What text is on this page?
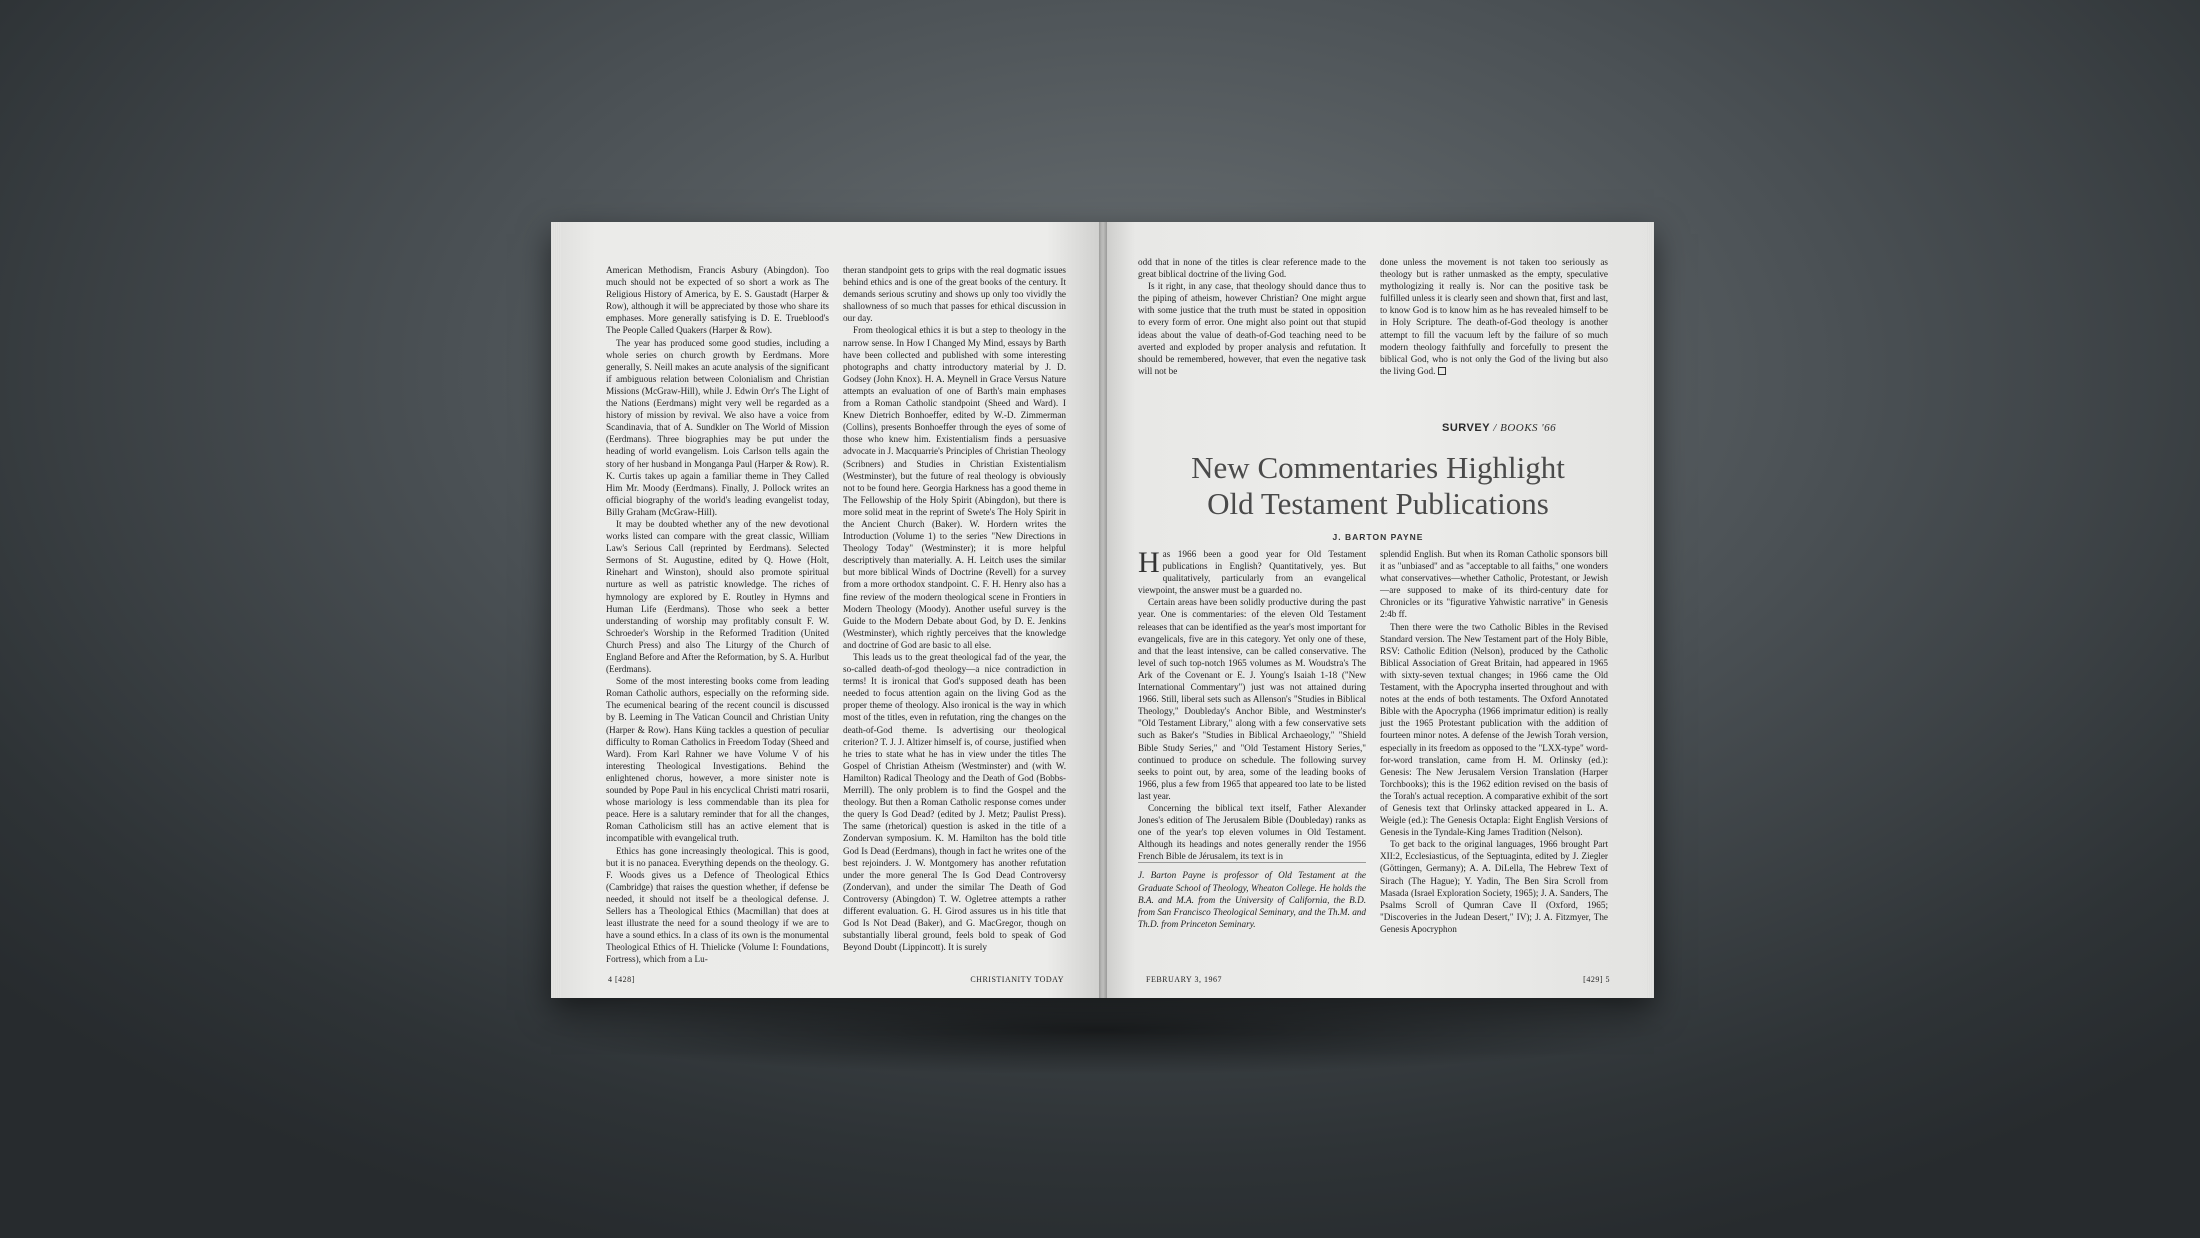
American Methodism, Francis Asbury (Abingdon). Too much should not be expected of so short a work as The Religious History of America, by E. S. Gaustadt (Harper & Row), although it will be appreciated by those who share its emphases. More generally satisfying is D. E. Trueblood's The People Called Quakers (Harper & Row).

The year has produced some good studies, including a whole series on church growth by Eerdmans. More generally, S. Neill makes an acute analysis of the significant if ambiguous relation between Colonialism and Christian Missions (McGraw-Hill), while J. Edwin Orr's The Light of the Nations (Eerdmans) might very well be regarded as a history of mission by revival. We also have a voice from Scandinavia, that of A. Sundkler on The World of Mission (Eerdmans). Three biographies may be put under the heading of world evangelism. Lois Carlson tells again the story of her husband in Monganga Paul (Harper & Row). R. K. Curtis takes up again a familiar theme in They Called Him Mr. Moody (Eerdmans). Finally, J. Pollock writes an official biography of the world's leading evangelist today, Billy Graham (McGraw-Hill).

It may be doubted whether any of the new devotional works listed can compare with the great classic, William Law's Serious Call (reprinted by Eerdmans). Selected Sermons of St. Augustine, edited by Q. Howe (Holt, Rinehart and Winston), should also promote spiritual nurture as well as patristic knowledge. The riches of hymnology are explored by E. Routley in Hymns and Human Life (Eerdmans). Those who seek a better understanding of worship may profitably consult F. W. Schroeder's Worship in the Reformed Tradition (United Church Press) and also The Liturgy of the Church of England Before and After the Reformation, by S. A. Hurlbut (Eerdmans).

Some of the most interesting books come from leading Roman Catholic authors, especially on the reforming side. The ecumenical bearing of the recent council is discussed by B. Leeming in The Vatican Council and Christian Unity (Harper & Row). Hans Küng tackles a question of peculiar difficulty to Roman Catholics in Freedom Today (Sheed and Ward). From Karl Rahner we have Volume V of his interesting Theological Investigations. Behind the enlightened chorus, however, a more sinister note is sounded by Pope Paul in his encyclical Christi matri rosarii, whose mariology is less commendable than its plea for peace. Here is a salutary reminder that for all the changes, Roman Catholicism still has an active element that is incompatible with evangelical truth.

Ethics has gone increasingly theological. This is good, but it is no panacea. Everything depends on the theology. G. F. Woods gives us a Defence of Theological Ethics (Cambridge) that raises the question whether, if defense be needed, it should not itself be a theological defense. J. Sellers has a Theological Ethics (Macmillan) that does at least illustrate the need for a sound theology if we are to have a sound ethics. In a class of its own is the monumental Theological Ethics of H. Thielicke (Volume I: Foundations, Fortress), which from a Lu-

theran standpoint gets to grips with the real dogmatic issues behind ethics and is one of the great books of the century. It demands serious scrutiny and shows up only too vividly the shallowness of so much that passes for ethical discussion in our day.

From theological ethics it is but a step to theology in the narrow sense. In How I Changed My Mind, essays by Barth have been collected and published with some interesting photographs and chatty introductory material by J. D. Godsey (John Knox). H. A. Meynell in Grace Versus Nature attempts an evaluation of one of Barth's main emphases from a Roman Catholic standpoint (Sheed and Ward). I Knew Dietrich Bonhoeffer, edited by W.-D. Zimmerman (Collins), presents Bonhoeffer through the eyes of some of those who knew him. Existentialism finds a persuasive advocate in J. Macquarrie's Principles of Christian Theology (Scribners) and Studies in Christian Existentialism (Westminster), but the future of real theology is obviously not to be found here. Georgia Harkness has a good theme in The Fellowship of the Holy Spirit (Abingdon), but there is more solid meat in the reprint of Swete's The Holy Spirit in the Ancient Church (Baker). W. Hordern writes the Introduction (Volume 1) to the series "New Directions in Theology Today" (Westminster); it is more helpful descriptively than materially. A. H. Leitch uses the similar but more biblical Winds of Doctrine (Revell) for a survey from a more orthodox standpoint. C. F. H. Henry also has a fine review of the modern theological scene in Frontiers in Modern Theology (Moody). Another useful survey is the Guide to the Modern Debate about God, by D. E. Jenkins (Westminster), which rightly perceives that the knowledge and doctrine of God are basic to all else.

This leads us to the great theological fad of the year, the so-called death-of-god theology—a nice contradiction in terms! It is ironical that God's supposed death has been needed to focus attention again on the living God as the proper theme of theology. Also ironical is the way in which most of the titles, even in refutation, ring the changes on the death-of-God theme. Is advertising our theological criterion? T. J. J. Altizer himself is, of course, justified when he tries to state what he has in view under the titles The Gospel of Christian Atheism (Westminster) and (with W. Hamilton) Radical Theology and the Death of God (Bobbs-Merrill). The only problem is to find the Gospel and the theology. But then a Roman Catholic response comes under the query Is God Dead? (edited by J. Metz; Paulist Press). The same (rhetorical) question is asked in the title of a Zondervan symposium. K. M. Hamilton has the bold title God Is Dead (Eerdmans), though in fact he writes one of the best rejoinders. J. W. Montgomery has another refutation under the more general The Is God Dead Controversy (Zondervan), and under the similar The Death of God Controversy (Abingdon) T. W. Ogletree attempts a rather different evaluation. G. H. Girod assures us in his title that God Is Not Dead (Baker), and G. MacGregor, though on substantially liberal ground, feels bold to speak of God Beyond Doubt (Lippincott). It is surely

4 [428]	CHRISTIANITY TODAY

odd that in none of the titles is clear reference made to the great biblical doctrine of the living God.

Is it right, in any case, that theology should dance thus to the piping of atheism, however Christian? One might argue with some justice that the truth must be stated in opposition to every form of error. One might also point out that stupid ideas about the value of death-of-God teaching need to be averted and exploded by proper analysis and refutation. It should be remembered, however, that even the negative task will not be

done unless the movement is not taken too seriously as theology but is rather unmasked as the empty, speculative mythologizing it really is. Nor can the positive task be fulfilled unless it is clearly seen and shown that, first and last, to know God is to know him as he has revealed himself to be in Holy Scripture. The death-of-God theology is another attempt to fill the vacuum left by the failure of so much modern theology faithfully and forcefully to present the biblical God, who is not only the God of the living but also the living God.

SURVEY / BOOKS '66
New Commentaries Highlight
Old Testament Publications
J. BARTON PAYNE

Has 1966 been a good year for Old Testament publications in English? Quantitatively, yes. But qualitatively, particularly from an evangelical viewpoint, the answer must be a guarded no.

Certain areas have been solidly productive during the past year. One is commentaries: of the eleven Old Testament releases that can be identified as the year's most important for evangelicals, five are in this category. Yet only one of these, and that the least intensive, can be called conservative. The level of such top-notch 1965 volumes as M. Woudstra's The Ark of the Covenant or E. J. Young's Isaiah 1-18 ("New International Commentary") just was not attained during 1966. Still, liberal sets such as Allenson's "Studies in Biblical Theology," Doubleday's Anchor Bible, and Westminster's "Old Testament Library," along with a few conservative sets such as Baker's "Studies in Biblical Archaeology," "Shield Bible Study Series," and "Old Testament History Series," continued to produce on schedule. The following survey seeks to point out, by area, some of the leading books of 1966, plus a few from 1965 that appeared too late to be listed last year.

Concerning the biblical text itself, Father Alexander Jones's edition of The Jerusalem Bible (Doubleday) ranks as one of the year's top eleven volumes in Old Testament. Although its headings and notes generally render the 1956 French Bible de Jérusalem, its text is in

J. Barton Payne is professor of Old Testament at the Graduate School of Theology, Wheaton College. He holds the B.A. and M.A. from the University of California, the B.D. from San Francisco Theological Seminary, and the Th.M. and Th.D. from Princeton Seminary.

splendid English. But when its Roman Catholic sponsors bill it as "unbiased" and as "acceptable to all faiths," one wonders what conservatives—whether Catholic, Protestant, or Jewish—are supposed to make of its third-century date for Chronicles or its "figurative Yahwistic narrative" in Genesis 2:4b ff.

Then there were the two Catholic Bibles in the Revised Standard version. The New Testament part of the Holy Bible, RSV: Catholic Edition (Nelson), produced by the Catholic Biblical Association of Great Britain, had appeared in 1965 with sixty-seven textual changes; in 1966 came the Old Testament, with the Apocrypha inserted throughout and with notes at the ends of both testaments. The Oxford Annotated Bible with the Apocrypha (1966 imprimatur edition) is really just the 1965 Protestant publication with the addition of fourteen minor notes. A defense of the Jewish Torah version, especially in its freedom as opposed to the "LXX-type" word-for-word translation, came from H. M. Orlinsky (ed.): Genesis: The New Jerusalem Version Translation (Harper Torchbooks); this is the 1962 edition revised on the basis of the Torah's actual reception. A comparative exhibit of the sort of Genesis text that Orlinsky attacked appeared in L. A. Weigle (ed.): The Genesis Octapla: Eight English Versions of Genesis in the Tyndale-King James Tradition (Nelson).

To get back to the original languages, 1966 brought Part XII:2, Ecclesiasticus, of the Septuaginta, edited by J. Ziegler (Göttingen, Germany); A. A. DiLella, The Hebrew Text of Sirach (The Hague); Y. Yadin, The Ben Sira Scroll from Masada (Israel Exploration Society, 1965); J. A. Sanders, The Psalms Scroll of Qumran Cave II (Oxford, 1965; "Discoveries in the Judean Desert," IV); J. A. Fitzmyer, The Genesis Apocryphon

FEBRUARY 3, 1967	[429] 5
